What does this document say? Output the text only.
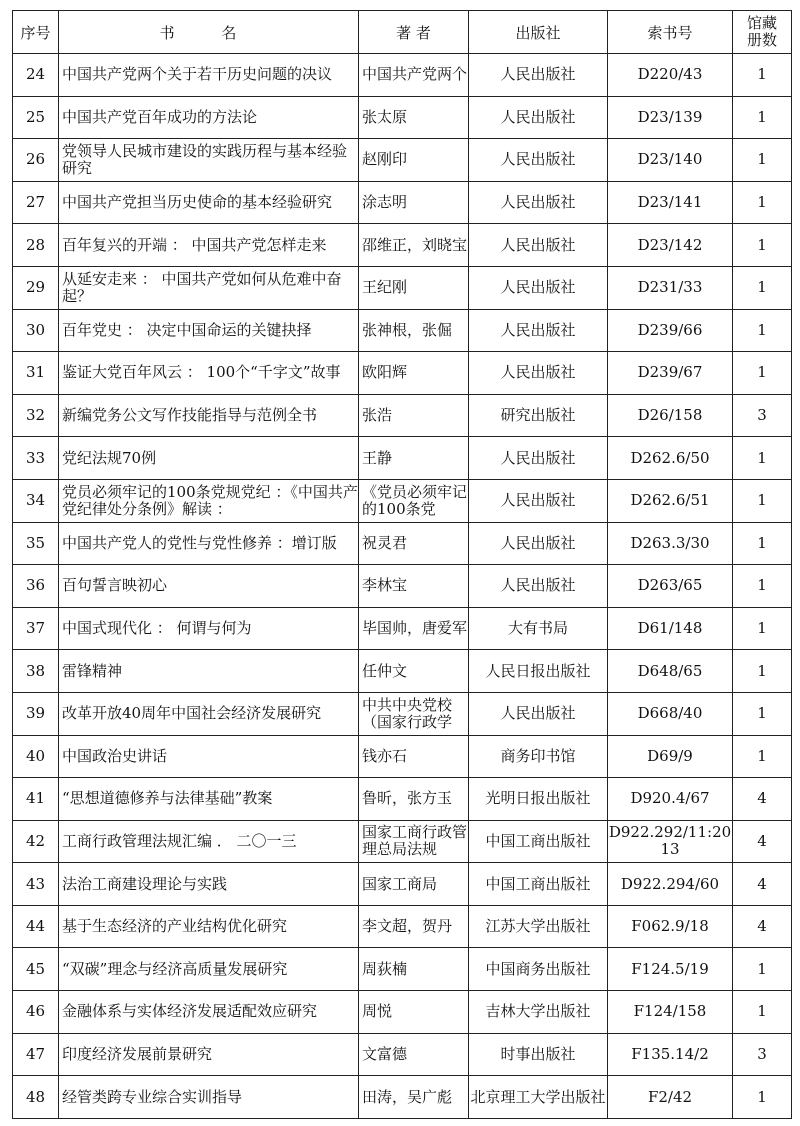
序号	书 名	著 者	出版社	索书号	馆藏
册数

24	中国共产党两个关于若干历史问题的决议	中国共产党两个	人民出版社	D220/43	1

25	中国共产党百年成功的方法论	张太原	人民出版社	D23/139	1

26	党领导人民城市建设的实践历程与基本经验研究	赵刚印	人民出版社	D23/140	1

27	中国共产党担当历史使命的基本经验研究	涂志明	人民出版社	D23/141	1

28	百年复兴的开端 ： 中国共产党怎样走来	邵维正，刘晓宝	人民出版社	D23/142	1

29	从延安走来 ： 中国共产党如何从危难中奋起？	王纪刚	人民出版社	D231/33	1

30	百年党史 ： 决定中国命运的关键抉择	张神根，张倔	人民出版社	D239/66	1

31	鉴证大党百年风云 ： 100个“千字文”故事	欧阳辉	人民出版社	D239/67	1

32	新编党务公文写作技能指导与范例全书	张浩	研究出版社	D26/158	3

33	党纪法规70例	王静	人民出版社	D262.6/50	1

34	党员必须牢记的100条党规党纪 ：《中国共产党纪律处分条例》解读 ：	《党员必须牢记的100条党	人民出版社	D262.6/51	1

35	中国共产党人的党性与党性修养 ：增订版	祝灵君	人民出版社	D263.3/30	1

36	百句誓言映初心	李林宝	人民出版社	D263/65	1

37	中国式现代化 ： 何谓与何为	毕国帅，唐爱军	大有书局	D61/148	1

38	雷锋精神	任仲文	人民日报出版社	D648/65	1

39	改革开放40周年中国社会经济发展研究	中共中央党校（国家行政学	人民出版社	D668/40	1

40	中国政治史讲话	钱亦石	商务印书馆	D69/9	1

41	“思想道德修养与法律基础”教案	鲁昕，张方玉	光明日报出版社	D920.4/67	4

42	工商行政管理法规汇编 ． 二〇一三	国家工商行政管理总局法规	中国工商出版社	D922.292/11:2013	4

43	法治工商建设理论与实践	国家工商局	中国工商出版社	D922.294/60	4

44	基于生态经济的产业结构优化研究	李文超，贺丹	江苏大学出版社	F062.9/18	4

45	“双碳”理念与经济高质量发展研究	周荻楠	中国商务出版社	F124.5/19	1

46	金融体系与实体经济发展适配效应研究	周悦	吉林大学出版社	F124/158	1

47	印度经济发展前景研究	文富德	时事出版社	F135.14/2	3

48	经管类跨专业综合实训指导	田涛，吴广彪	北京理工大学出版社	F2/42	1
